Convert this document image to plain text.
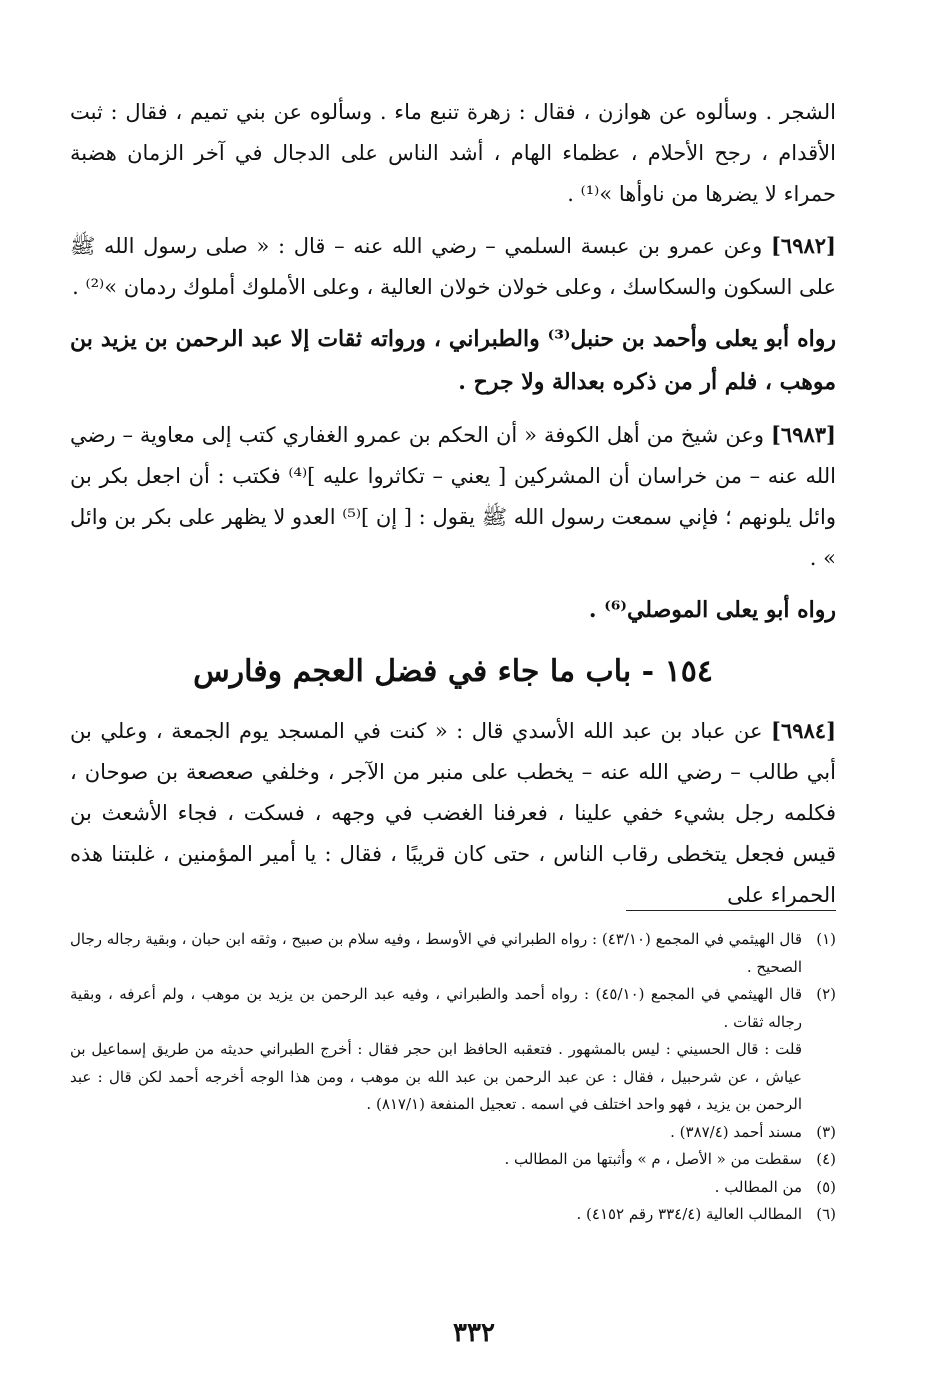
الشجر . وسألوه عن هوازن ، فقال : زهرة تنبع ماء . وسألوه عن بني تميم ، فقال : ثبت الأقدام ، رجح الأحلام ، عظماء الهام ، أشد الناس على الدجال في آخر الزمان هضبة حمراء لا يضرها من ناوأها »⁽¹⁾ .

[٦٩٨٢] وعن عمرو بن عبسة السلمي – رضي الله عنه – قال : « صلى رسول الله ﷺ على السكون والسكاسك ، وعلى خولان خولان العالية ، وعلى الأملوك أملوك ردمان »⁽²⁾ .

رواه أبو يعلى وأحمد بن حنبل⁽³⁾ والطبراني ، ورواته ثقات إلا عبد الرحمن بن يزيد بن موهب ، فلم أر من ذكره بعدالة ولا جرح .

[٦٩٨٣] وعن شيخ من أهل الكوفة « أن الحكم بن عمرو الغفاري كتب إلى معاوية – رضي الله عنه – من خراسان أن المشركين [ يعني – تكاثروا عليه ]⁽⁴⁾ فكتب : أن اجعل بكر بن وائل يلونهم ؛ فإني سمعت رسول الله ﷺ يقول : [ إن ]⁽⁵⁾ العدو لا يظهر على بكر بن وائل » .

رواه أبو يعلى الموصلي⁽⁶⁾ .

١٥٤ - باب ما جاء في فضل العجم وفارس

[٦٩٨٤] عن عباد بن عبد الله الأسدي قال : « كنت في المسجد يوم الجمعة ، وعلي بن أبي طالب – رضي الله عنه – يخطب على منبر من الآجر ، وخلفي صعصعة بن صوحان ، فكلمه رجل بشيء خفي علينا ، فعرفنا الغضب في وجهه ، فسكت ، فجاء الأشعث بن قيس فجعل يتخطى رقاب الناس ، حتى كان قريبًا ، فقال : يا أمير المؤمنين ، غلبتنا هذه الحمراء على

(١)
قال الهيثمي في المجمع (٤٣/١٠) : رواه الطبراني في الأوسط ، وفيه سلام بن صبيح ، وثقه ابن حبان ، وبقية رجاله رجال الصحيح .
(٢)
قال الهيثمي في المجمع (٤٥/١٠) : رواه أحمد والطبراني ، وفيه عبد الرحمن بن يزيد بن موهب ، ولم أعرفه ، وبقية رجاله ثقات .
قلت : قال الحسيني : ليس بالمشهور . فتعقبه الحافظ ابن حجر فقال : أخرج الطبراني حديثه من طريق إسماعيل بن عياش ، عن شرحبيل ، فقال : عن عبد الرحمن بن عبد الله بن موهب ، ومن هذا الوجه أخرجه أحمد لكن قال : عبد الرحمن بن يزيد ، فهو واحد اختلف في اسمه . تعجيل المنفعة (٨١٧/١) .
(٣)
مسند أحمد (٣٨٧/٤) .
(٤)
سقطت من « الأصل ، م » وأثبتها من المطالب .
(٥)
من المطالب .
(٦)
المطالب العالية (٣٣٤/٤ رقم ٤١٥٢) .
٣٣٢
